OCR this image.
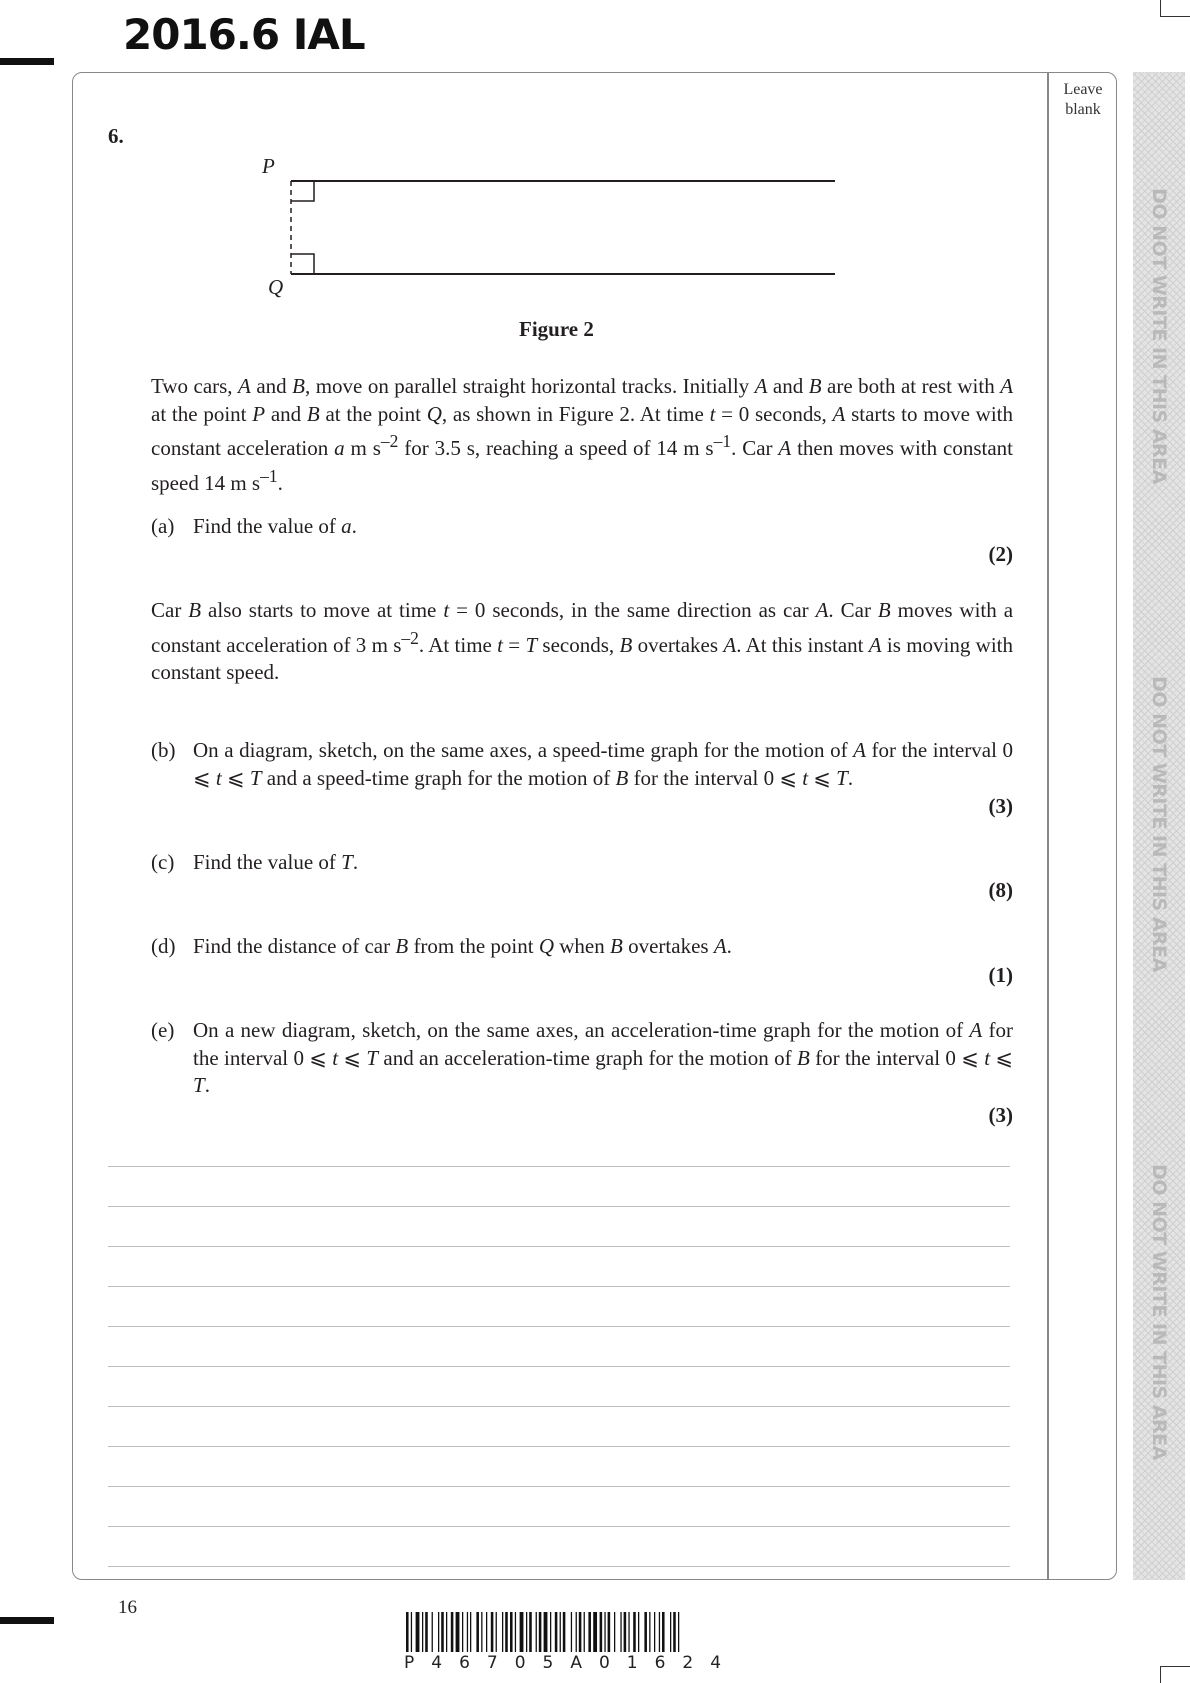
2016.6 IAL
Leave blank
DO NOT WRITE IN THIS AREA
DO NOT WRITE IN THIS AREA
DO NOT WRITE IN THIS AREA
6.
P
Q
Figure 2
Two cars, A and B, move on parallel straight horizontal tracks. Initially A and B are both at rest with A at the point P and B at the point Q, as shown in Figure 2. At time t = 0 seconds, A starts to move with constant acceleration a m $s^{-2}$ for 3.5 s, reaching a speed of 14 m $s^{-1}$. Car A then moves with constant speed 14 m $s^{-1}$.
(a) Find the value of a.
(2)
Car B also starts to move at time t = 0 seconds, in the same direction as car A. Car B moves with a constant acceleration of 3 m $s^{-2}$. At time t = T seconds, B overtakes A. At this instant A is moving with constant speed.
(b) On a diagram, sketch, on the same axes, a speed-time graph for the motion of A for the interval 0 ⩽ t ⩽ T and a speed-time graph for the motion of B for the interval 0 ⩽ t ⩽ T.
(3)
(c) Find the value of T.
(8)
(d) Find the distance of car B from the point Q when B overtakes A.
(1)
(e) On a new diagram, sketch, on the same axes, an acceleration-time graph for the motion of A for the interval 0 ⩽ t ⩽ T and an acceleration-time graph for the motion of B for the interval 0 ⩽ t ⩽ T.
(3)
16
P46705A01624
